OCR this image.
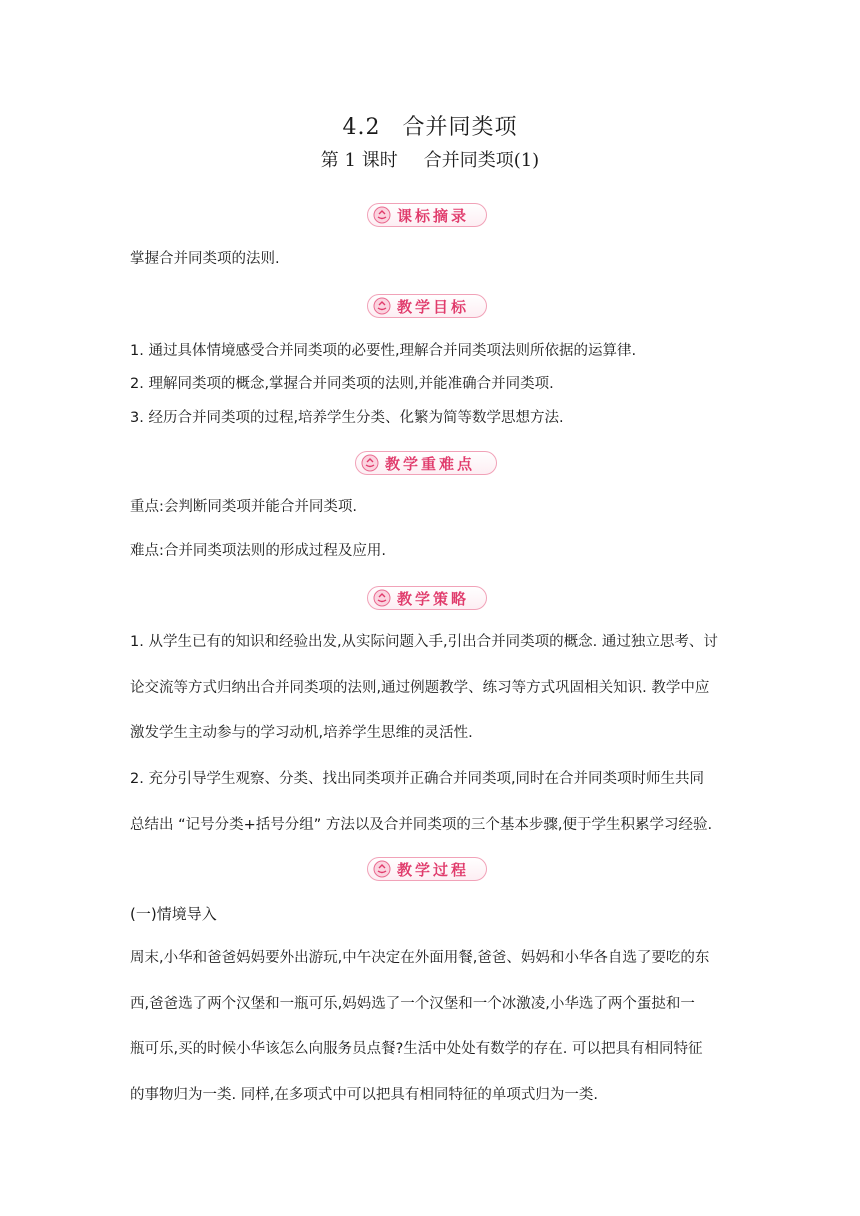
4.2 合并同类项
第 1 课时 合并同类项(1)
课标摘录
掌握合并同类项的法则.
教学目标
1. 通过具体情境感受合并同类项的必要性,理解合并同类项法则所依据的运算律.
2. 理解同类项的概念,掌握合并同类项的法则,并能准确合并同类项.
3. 经历合并同类项的过程,培养学生分类、化繁为简等数学思想方法.
教学重难点
重点:会判断同类项并能合并同类项.
难点:合并同类项法则的形成过程及应用.
教学策略
1. 从学生已有的知识和经验出发,从实际问题入手,引出合并同类项的概念. 通过独立思考、讨
论交流等方式归纳出合并同类项的法则,通过例题教学、练习等方式巩固相关知识. 教学中应
激发学生主动参与的学习动机,培养学生思维的灵活性.
2. 充分引导学生观察、分类、找出同类项并正确合并同类项,同时在合并同类项时师生共同
总结出 “记号分类+括号分组” 方法以及合并同类项的三个基本步骤,便于学生积累学习经验.
教学过程
(一)情境导入
周末,小华和爸爸妈妈要外出游玩,中午决定在外面用餐,爸爸、妈妈和小华各自选了要吃的东
西,爸爸选了两个汉堡和一瓶可乐,妈妈选了一个汉堡和一个冰激凌,小华选了两个蛋挞和一
瓶可乐,买的时候小华该怎么向服务员点餐?生活中处处有数学的存在. 可以把具有相同特征
的事物归为一类. 同样,在多项式中可以把具有相同特征的单项式归为一类.
